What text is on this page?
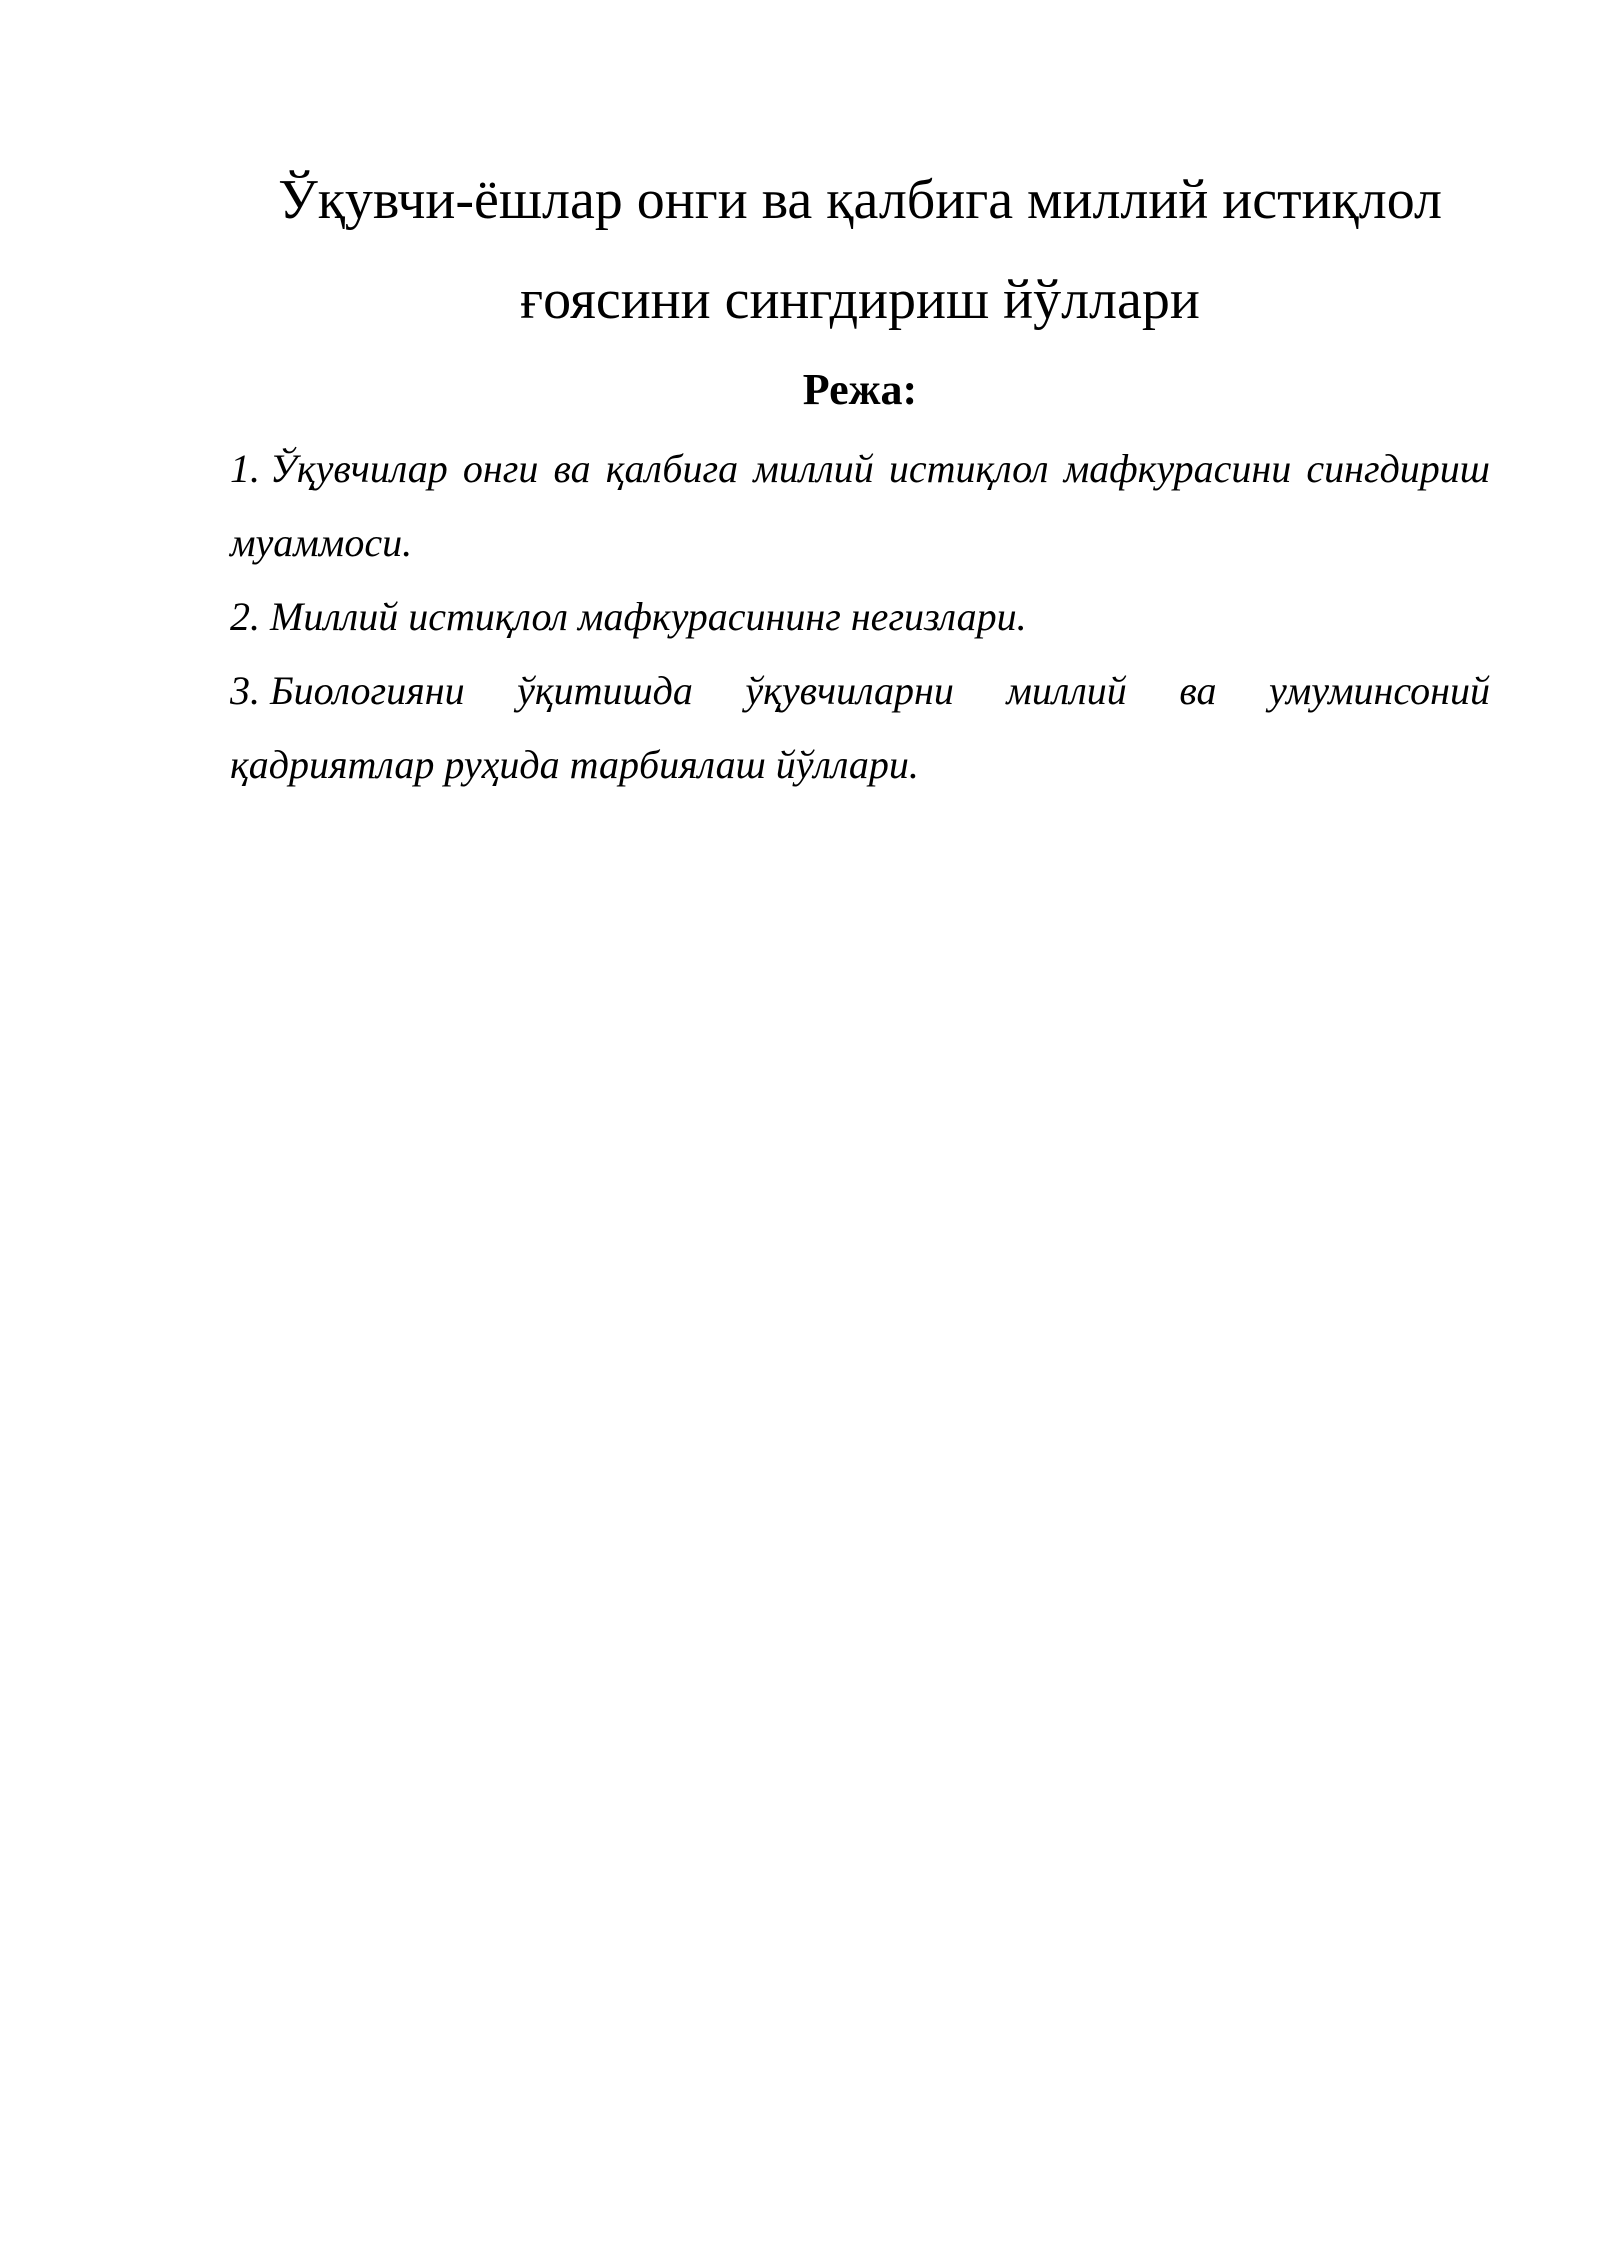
Ўқувчи-ёшлар онги ва қалбига миллий истиқлол
ғоясини сингдириш йўллари
Режа:
1. Ўқувчилар онги ва қалбига миллий истиқлол мафкурасини сингдириш муаммоси.
2. Миллий истиқлол мафкурасининг негизлари.
3. Биологияни ўқитишда ўқувчиларни миллий ва умуминсоний қадриятлар руҳида тарбиялаш йўллари.
